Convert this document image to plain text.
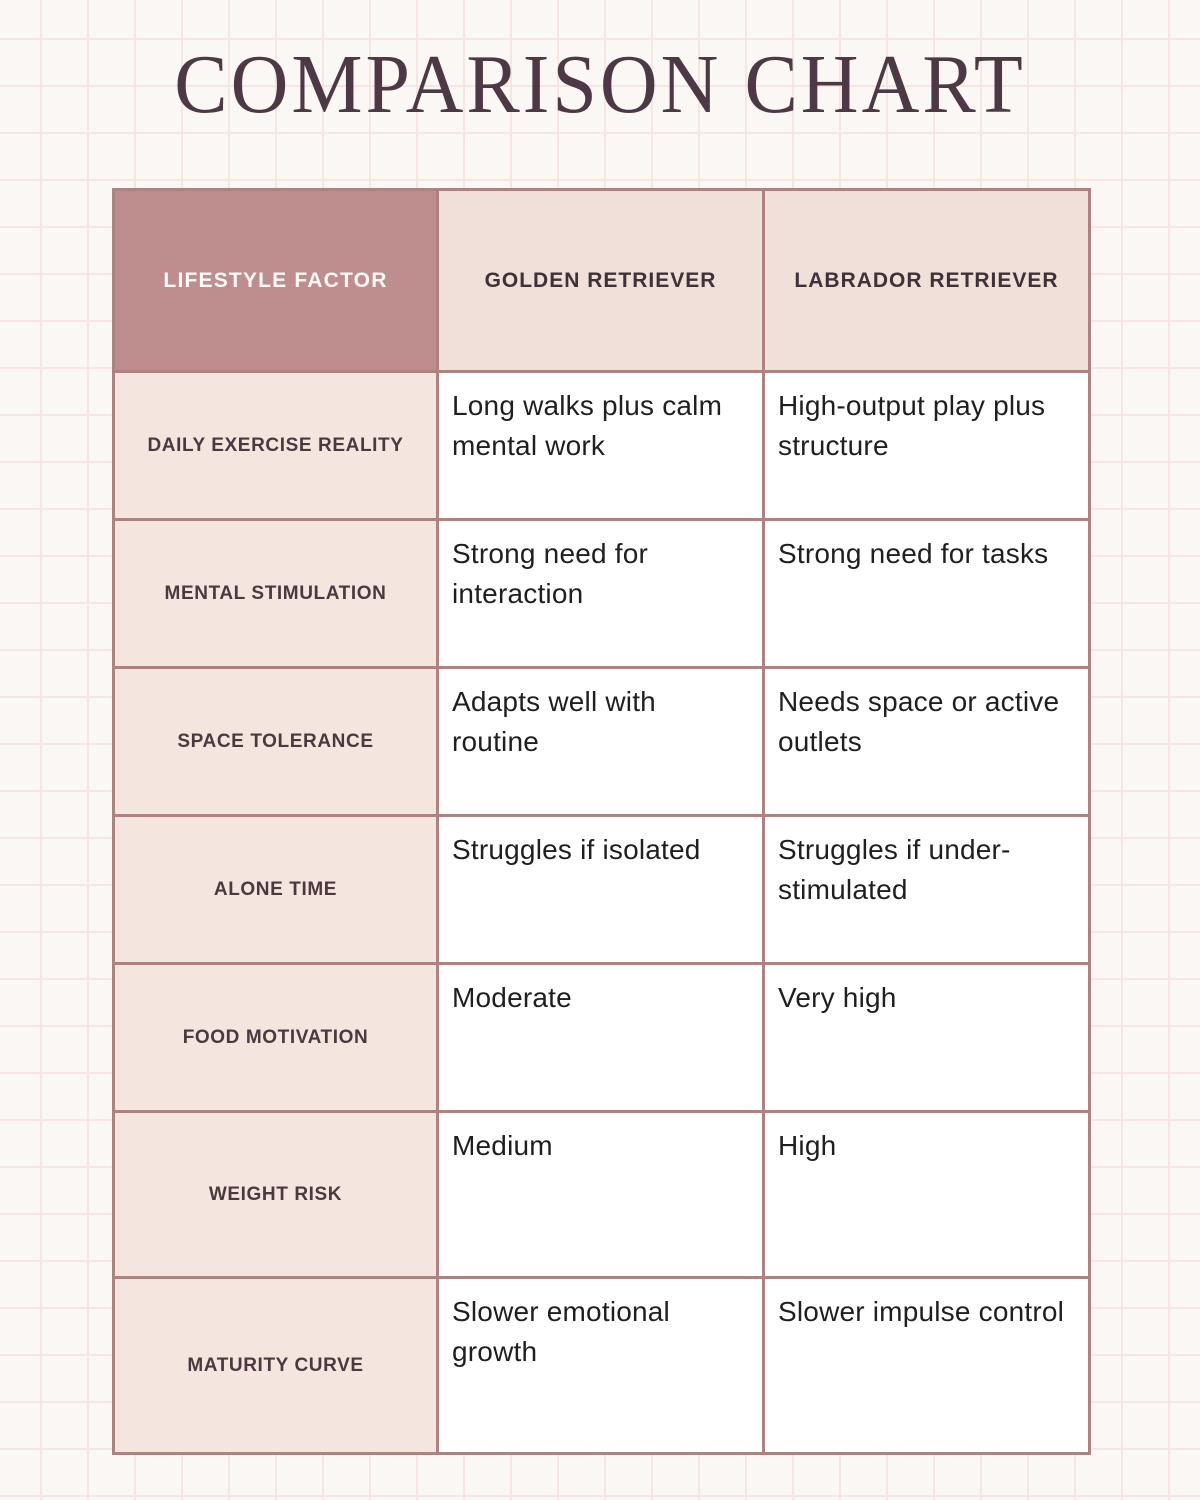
COMPARISON CHART
LIFESTYLE FACTOR	GOLDEN RETRIEVER	LABRADOR RETRIEVER
DAILY EXERCISE REALITY	Long walks plus calm mental work	High-output play plus structure
MENTAL STIMULATION	Strong need for interaction	Strong need for tasks
SPACE TOLERANCE	Adapts well with routine	Needs space or active outlets
ALONE TIME	Struggles if isolated	Struggles if under-stimulated
FOOD MOTIVATION	Moderate	Very high
WEIGHT RISK	Medium	High
MATURITY CURVE	Slower emotional growth	Slower impulse control
